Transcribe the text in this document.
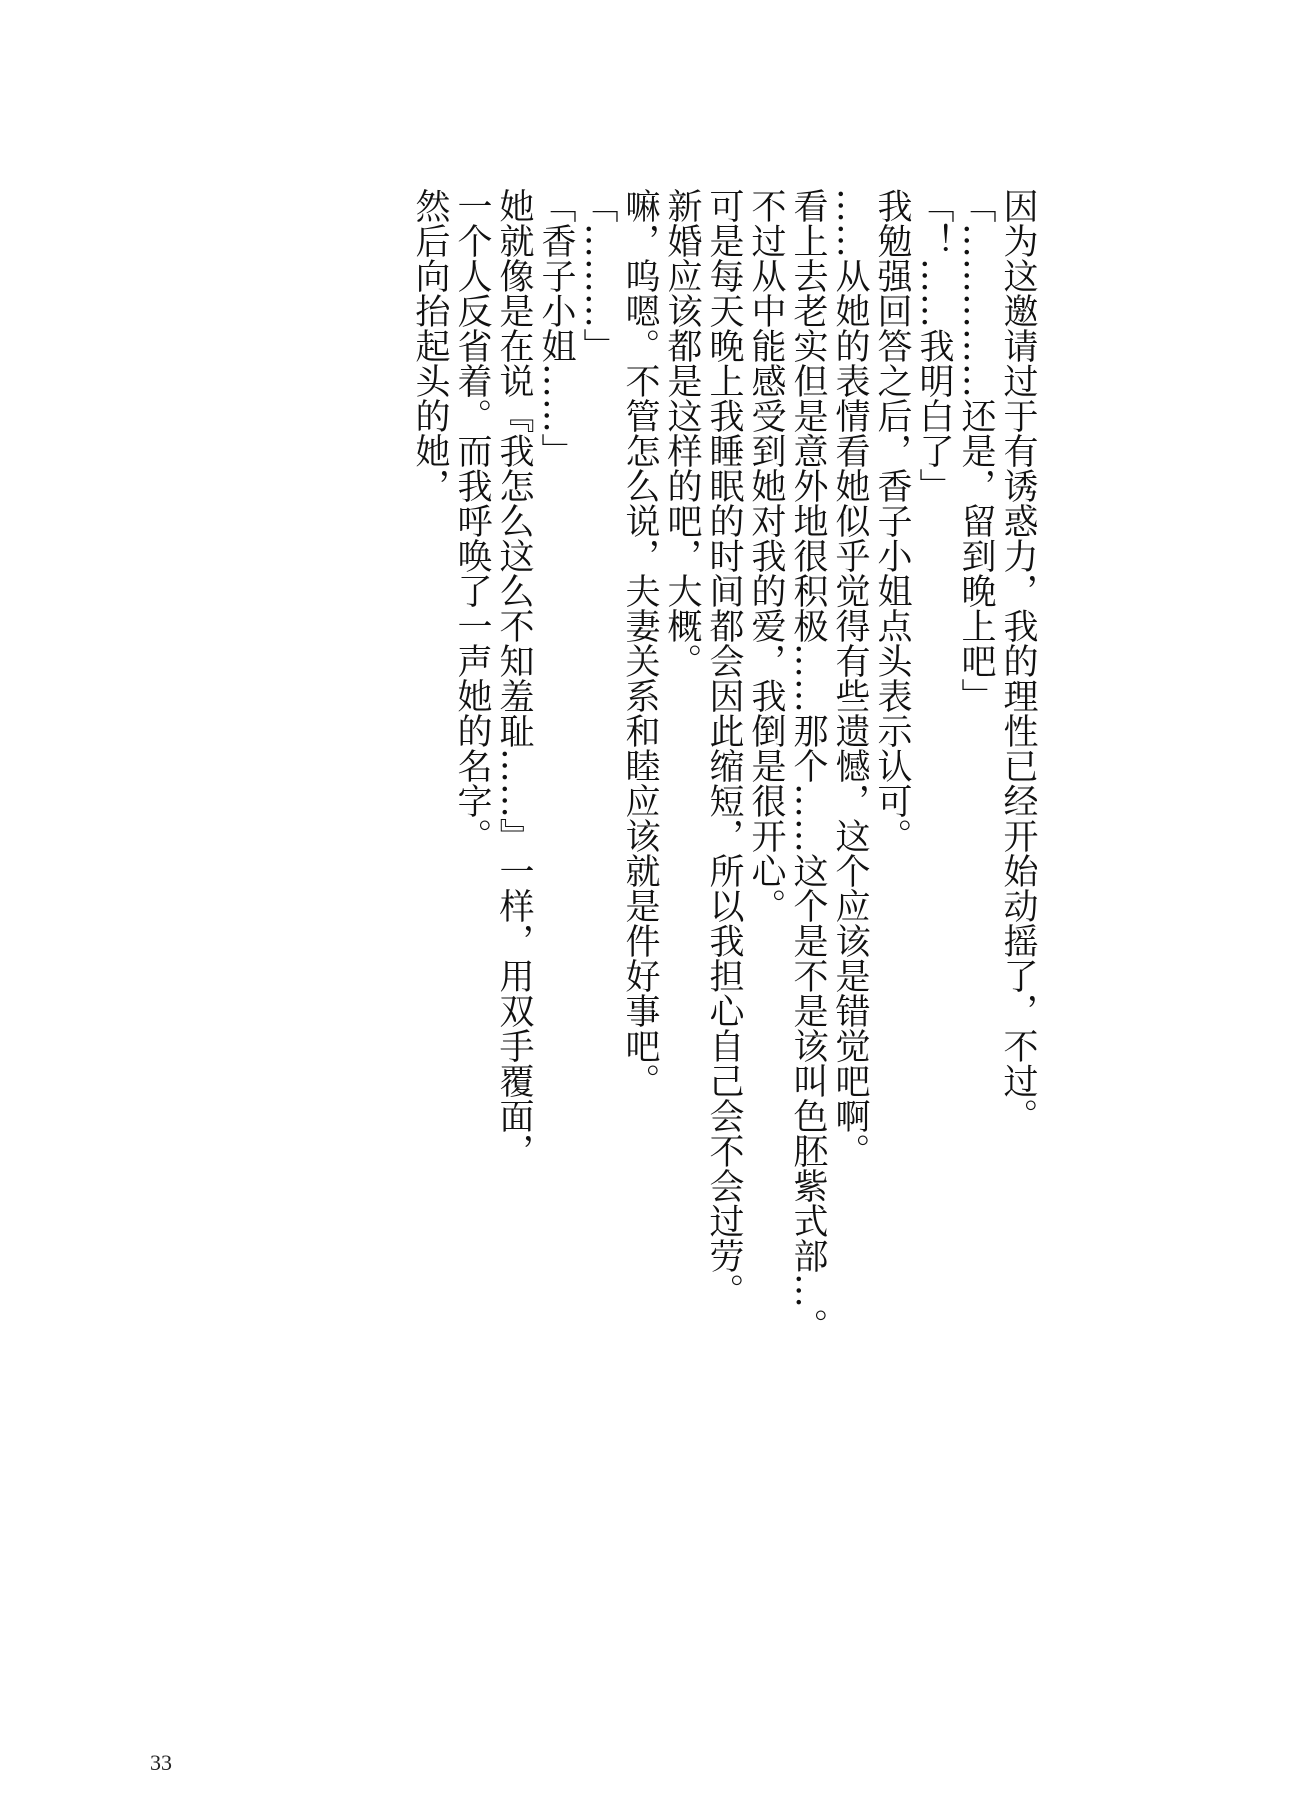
因为这邀请过于有诱惑力，我的理性已经开始动摇了，不过。
「……………还是，留到晚上吧」
「！……我明白了」
我勉强回答之后，香子小姐点头表示认可。
……从她的表情看她似乎觉得有些遗憾，这个应该是错觉吧啊。
看上去老实但是意外地很积极……那个……这个是不是该叫色胚紫式部…。
不过从中能感受到她对我的爱，我倒是很开心。
可是每天晚上我睡眠的时间都会因此缩短，所以我担心自己会不会过劳。
新婚应该都是这样的吧，大概。
嘛，呜嗯。不管怎么说，夫妻关系和睦应该就是件好事吧。
「………」
「香子小姐……」
她就像是在说『我怎么这么不知羞耻……』一样，用双手覆面，
一个人反省着。而我呼唤了一声她的名字。
然后向抬起头的她，
33
